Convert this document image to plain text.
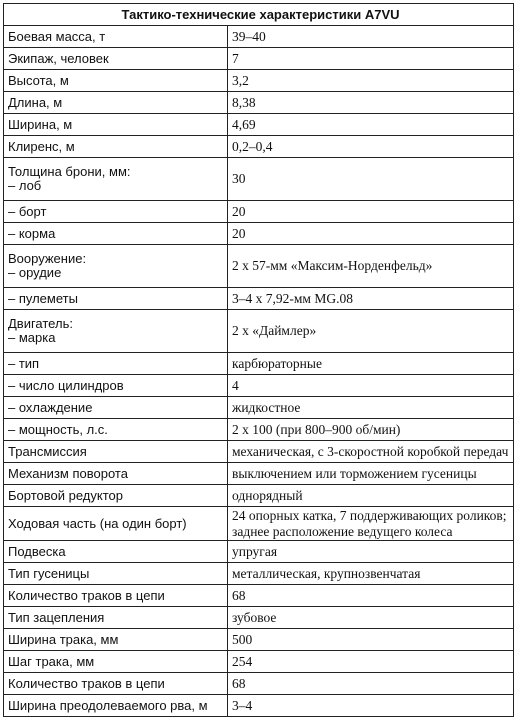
Тактико-технические характеристики A7VU	
Боевая масса, т	39–40
Экипаж, человек	7
Высота, м	3,2
Длина, м	8,38
Ширина, м	4,69
Клиренс, м	0,2–0,4

Толщина брони, мм:
– лоб	30
– борт	20
– корма	20

Вооружение:
– орудие	2 х 57-мм «Максим-Норденфельд»
– пулеметы	3–4 х 7,92-мм MG.08

Двигатель:
– марка	2 х «Даймлер»
– тип	карбюраторные
– число цилиндров	4
– охлаждение	жидкостное
– мощность, л.с.	2 х 100 (при 800–900 об/мин)
Трансмиссия	механическая, с 3-скоростной коробкой передач
Механизм поворота	выключением или торможением гусеницы
Бортовой редуктор	однорядный
Ходовая часть (на один борт)	24 опорных катка, 7 поддерживающих роликов;
заднее расположение ведущего колеса
Подвеска	упругая
Тип гусеницы	металлическая, крупнозвенчатая
Количество траков в цепи	68
Тип зацепления	зубовое
Ширина трака, мм	500
Шаг трака, мм	254
Количество траков в цепи	68
Ширина преодолеваемого рва, м	3–4
